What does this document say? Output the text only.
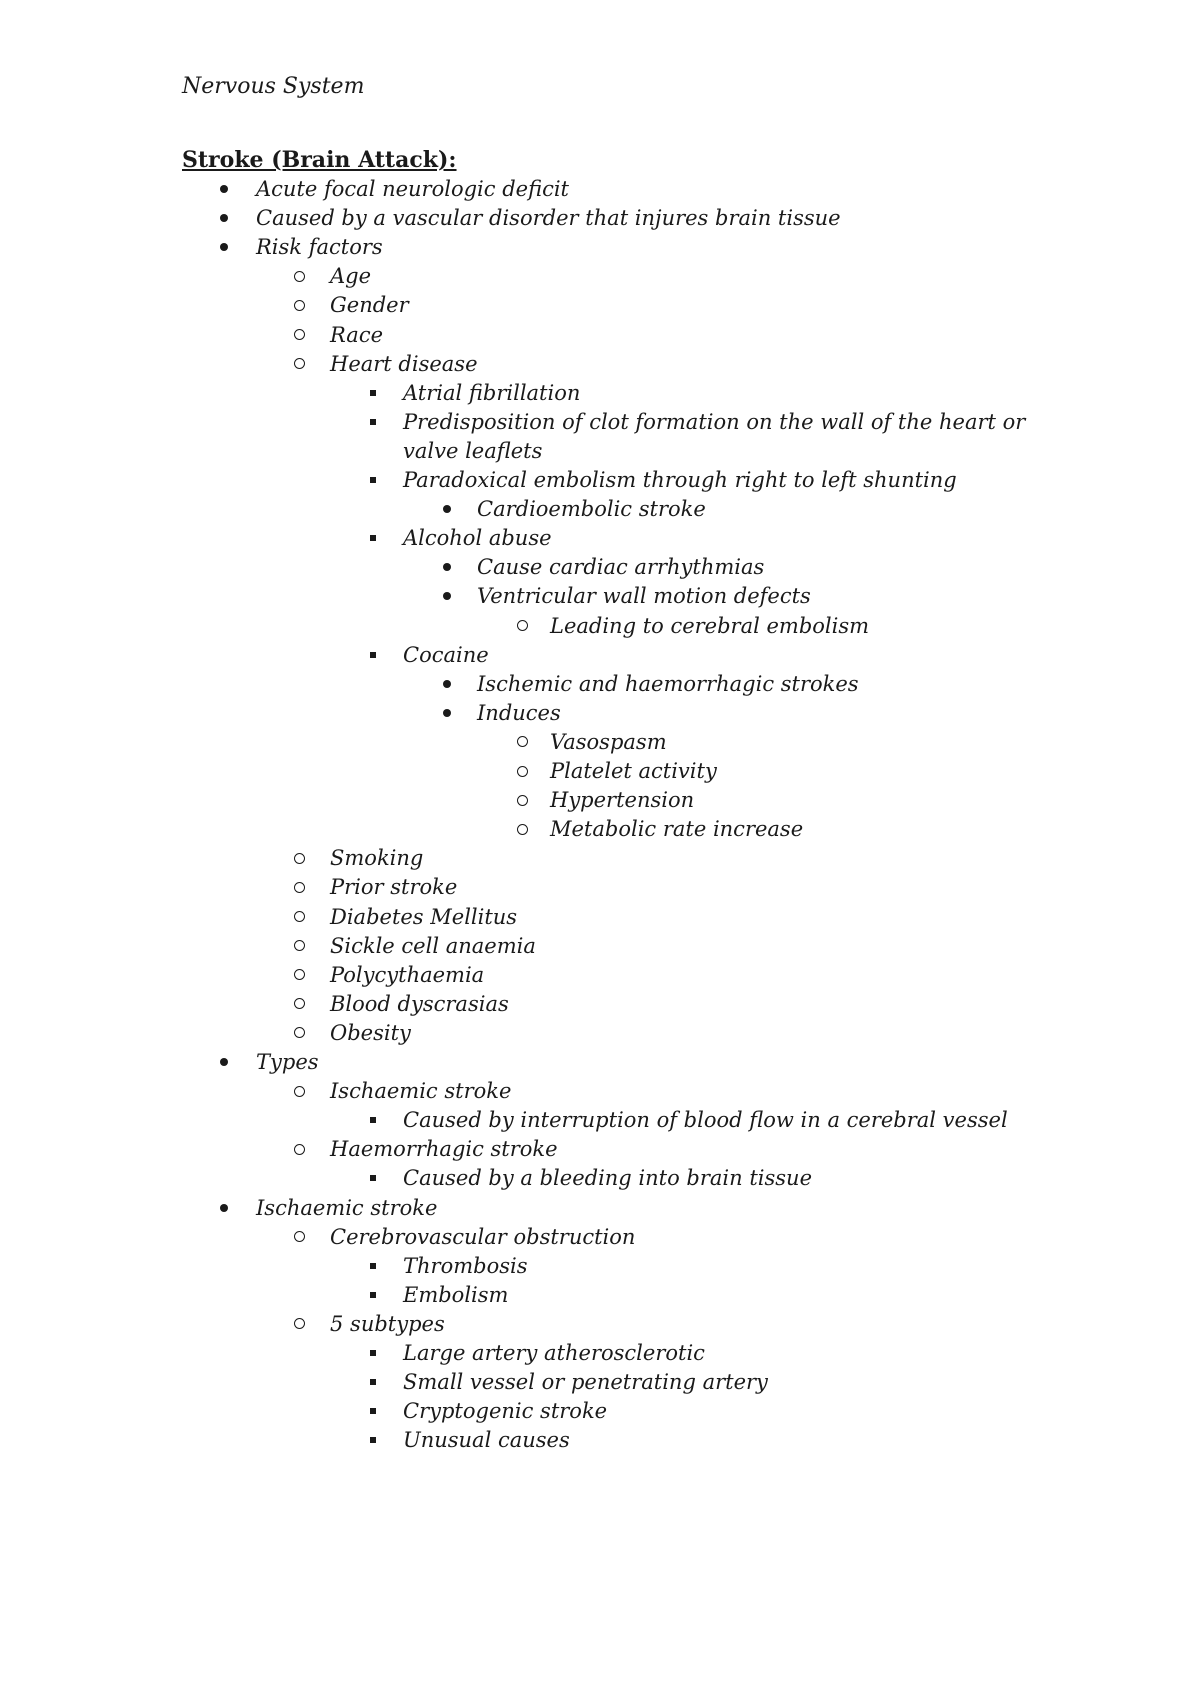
Nervous System
Stroke (Brain Attack):
Acute focal neurologic deficit
Caused by a vascular disorder that injures brain tissue
Risk factors
Age
Gender
Race
Heart disease
Atrial fibrillation
Predisposition of clot formation on the wall of the heart or
valve leaflets
Paradoxical embolism through right to left shunting
Cardioembolic stroke
Alcohol abuse
Cause cardiac arrhythmias
Ventricular wall motion defects
Leading to cerebral embolism
Cocaine
Ischemic and haemorrhagic strokes
Induces
Vasospasm
Platelet activity
Hypertension
Metabolic rate increase
Smoking
Prior stroke
Diabetes Mellitus
Sickle cell anaemia
Polycythaemia
Blood dyscrasias
Obesity
Types
Ischaemic stroke
Caused by interruption of blood flow in a cerebral vessel
Haemorrhagic stroke
Caused by a bleeding into brain tissue
Ischaemic stroke
Cerebrovascular obstruction
Thrombosis
Embolism
5 subtypes
Large artery atherosclerotic
Small vessel or penetrating artery
Cryptogenic stroke
Unusual causes
